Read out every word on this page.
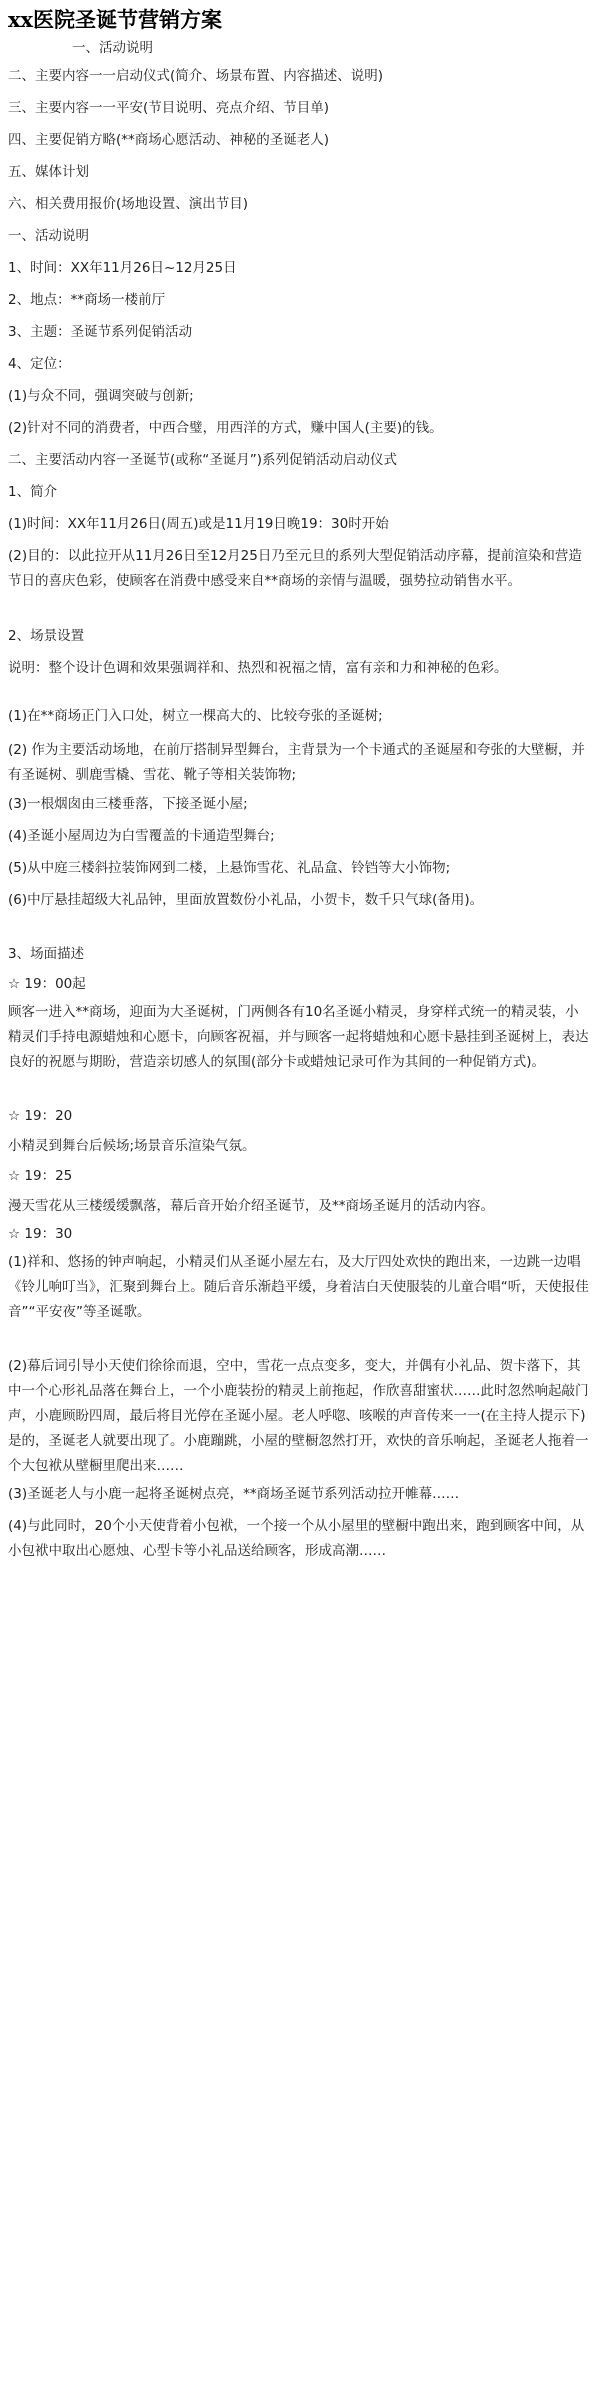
xx医院圣诞节营销方案

一、活动说明

二、主要内容一一启动仪式(简介、场景布置、内容描述、说明)

三、主要内容一一平安(节目说明、亮点介绍、节目单)

四、主要促销方略(**商场心愿活动、神秘的圣诞老人)

五、媒体计划

六、相关费用报价(场地设置、演出节目)

一、活动说明

1、时间：XX年11月26日~12月25日

2、地点：**商场一楼前厅

3、主题：圣诞节系列促销活动

4、定位：

(1)与众不同，强调突破与创新;

(2)针对不同的消费者，中西合璧，用西洋的方式，赚中国人(主要)的钱。

二、主要活动内容一圣诞节(或称“圣诞月”)系列促销活动启动仪式

1、简介

(1)时间：XX年11月26日(周五)或是11月19日晚19：30时开始

(2)目的：以此拉开从11月26日至12月25日乃至元旦的系列大型促销活动序幕，提前渲染和营造节日的喜庆色彩，使顾客在消费中感受来自**商场的亲情与温暖，强势拉动销售水平。

2、场景设置

说明：整个设计色调和效果强调祥和、热烈和祝福之情，富有亲和力和神秘的色彩。

(1)在**商场正门入口处，树立一棵高大的、比较夸张的圣诞树;

(2) 作为主要活动场地，在前厅搭制异型舞台，主背景为一个卡通式的圣诞屋和夸张的大壁橱，并有圣诞树、驯鹿雪橇、雪花、靴子等相关装饰物;

(3)一根烟囱由三楼垂落，下接圣诞小屋;

(4)圣诞小屋周边为白雪覆盖的卡通造型舞台;

(5)从中庭三楼斜拉装饰网到二楼，上悬饰雪花、礼品盒、铃铛等大小饰物;

(6)中厅悬挂超级大礼品钟，里面放置数份小礼品，小贺卡，数千只气球(备用)。

3、场面描述

☆ 19：00起

顾客一进入**商场，迎面为大圣诞树，门两侧各有10名圣诞小精灵，身穿样式统一的精灵装，小精灵们手持电源蜡烛和心愿卡，向顾客祝福，并与顾客一起将蜡烛和心愿卡悬挂到圣诞树上，表达良好的祝愿与期盼，营造亲切感人的氛围(部分卡或蜡烛记录可作为其间的一种促销方式)。

☆ 19：20

小精灵到舞台后候场;场景音乐渲染气氛。

☆ 19：25

漫天雪花从三楼缓缓飘落，幕后音开始介绍圣诞节，及**商场圣诞月的活动内容。

☆ 19：30

(1)祥和、悠扬的钟声响起，小精灵们从圣诞小屋左右，及大厅四处欢快的跑出来，一边跳一边唱《铃儿响叮当》，汇聚到舞台上。随后音乐渐趋平缓，身着洁白天使服装的儿童合唱“听，天使报佳音”“平安夜”等圣诞歌。

(2)幕后词引导小天使们徐徐而退，空中，雪花一点点变多，变大，并偶有小礼品、贺卡落下，其中一个心形礼品落在舞台上，一个小鹿装扮的精灵上前拖起，作欣喜甜蜜状……此时忽然响起敲门声，小鹿顾盼四周，最后将目光停在圣诞小屋。老人呼唿、咳喉的声音传来一一(在主持人提示下)是的，圣诞老人就要出现了。小鹿蹦跳，小屋的壁橱忽然打开，欢快的音乐响起，圣诞老人拖着一个大包袱从壁橱里爬出来……

(3)圣诞老人与小鹿一起将圣诞树点亮，**商场圣诞节系列活动拉开帷幕……

(4)与此同时，20个小天使背着小包袱，一个接一个从小屋里的壁橱中跑出来，跑到顾客中间，从小包袱中取出心愿烛、心型卡等小礼品送给顾客，形成高潮……
